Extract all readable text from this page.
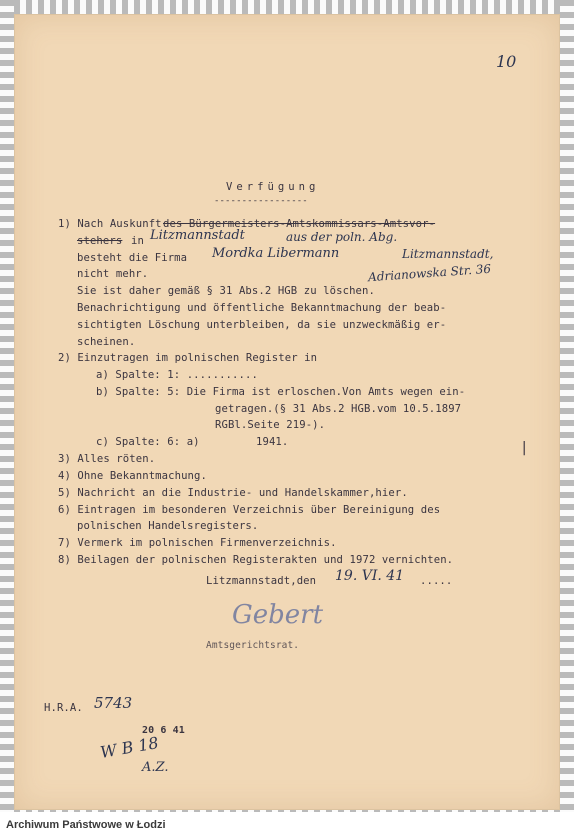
10
Verfügung
-----------------
1) Nach Auskunft des Bürgermeisters-Amtskommissars-Amtsvor-
stehers in Litzmannstadt	aus der poln. Abg.
besteht die Firma Mordka Libermann	Litzmannstadt,
nicht mehr.	Adrianowska Str. 36
Sie ist daher gemäß § 31 Abs.2 HGB zu löschen.
Benachrichtigung und öffentliche Bekanntmachung der beab-
sichtigten Löschung unterbleiben, da sie unzweckmäßig er-
scheinen.
2) Einzutragen im polnischen Register in
a) Spalte: 1: ...........
b) Spalte: 5: Die Firma ist erloschen.Von Amts wegen ein-
getragen.(§ 31 Abs.2 HGB.vom 10.5.1897
RGBl.Seite 219-).
c) Spalte: 6: a)	1941.
3) Alles röten.
4) Ohne Bekanntmachung.
5) Nachricht an die Industrie- und Handelskammer,hier.
6) Eintragen im besonderen Verzeichnis über Bereinigung des
polnischen Handelsregisters.
7) Vermerk im polnischen Firmenverzeichnis.
8) Beilagen der polnischen Registerakten und 1972 vernichten.
Litzmannstadt,den 19. VI. 41 .....
Gebert
Amtsgerichtsrat.
H.R.A. 5743
20 6 41
W B 18
A.Z.
|
Archiwum Państwowe w Łodzi
